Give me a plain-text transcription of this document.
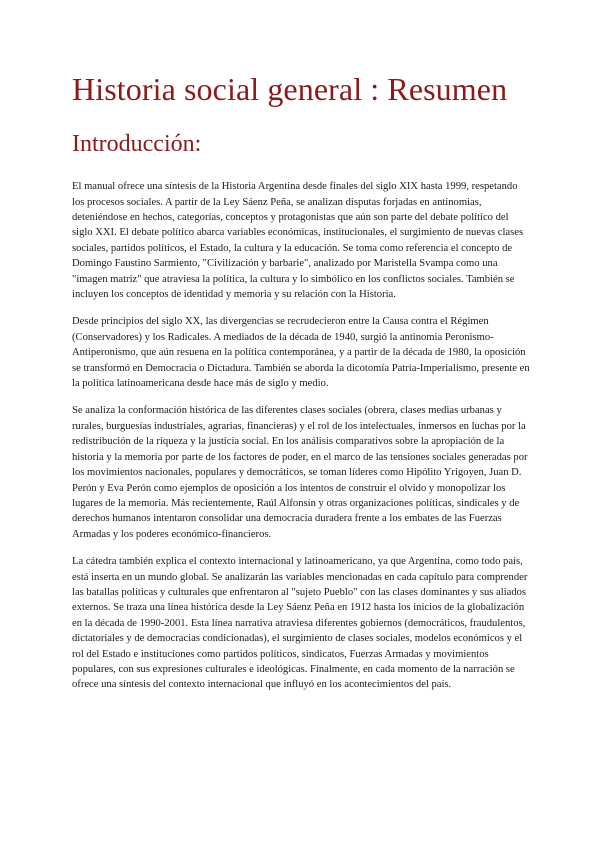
Historia social general : Resumen
Introducción:

El manual ofrece una síntesis de la Historia Argentina desde finales del siglo XIX hasta 1999, respetando los procesos sociales. A partir de la Ley Sáenz Peña, se analizan disputas forjadas en antinomias, deteniéndose en hechos, categorías, conceptos y protagonistas que aún son parte del debate político del siglo XXI. El debate político abarca variables económicas, institucionales, el surgimiento de nuevas clases sociales, partidos políticos, el Estado, la cultura y la educación. Se toma como referencia el concepto de Domingo Faustino Sarmiento, "Civilización y barbarie", analizado por Maristella Svampa como una "imagen matriz" que atraviesa la política, la cultura y lo simbólico en los conflictos sociales. También se incluyen los conceptos de identidad y memoria y su relación con la Historia.

Desde principios del siglo XX, las divergencias se recrudecieron entre la Causa contra el Régimen (Conservadores) y los Radicales. A mediados de la década de 1940, surgió la antinomia Peronismo-Antiperonismo, que aún resuena en la política contemporánea, y a partir de la década de 1980, la oposición se transformó en Democracia o Dictadura. También se aborda la dicotomía Patria-Imperialismo, presente en la política latinoamericana desde hace más de siglo y medio.

Se analiza la conformación histórica de las diferentes clases sociales (obrera, clases medias urbanas y rurales, burguesías industriales, agrarias, financieras) y el rol de los intelectuales, inmersos en luchas por la redistribución de la riqueza y la justicia social. En los análisis comparativos sobre la apropiación de la historia y la memoria por parte de los factores de poder, en el marco de las tensiones sociales generadas por los movimientos nacionales, populares y democráticos, se toman líderes como Hipólito Yrigoyen, Juan D. Perón y Eva Perón como ejemplos de oposición a los intentos de construir el olvido y monopolizar los lugares de la memoria. Más recientemente, Raúl Alfonsín y otras organizaciones políticas, sindicales y de derechos humanos intentaron consolidar una democracia duradera frente a los embates de las Fuerzas Armadas y los poderes económico-financieros.

La cátedra también explica el contexto internacional y latinoamericano, ya que Argentina, como todo país, está inserta en un mundo global. Se analizarán las variables mencionadas en cada capítulo para comprender las batallas políticas y culturales que enfrentaron al "sujeto Pueblo" con las clases dominantes y sus aliados externos. Se traza una línea histórica desde la Ley Sáenz Peña en 1912 hasta los inicios de la globalización en la década de 1990-2001. Esta línea narrativa atraviesa diferentes gobiernos (democráticos, fraudulentos, dictatoriales y de democracias condicionadas), el surgimiento de clases sociales, modelos económicos y el rol del Estado e instituciones como partidos políticos, sindicatos, Fuerzas Armadas y movimientos populares, con sus expresiones culturales e ideológicas. Finalmente, en cada momento de la narración se ofrece una síntesis del contexto internacional que influyó en los acontecimientos del país.
